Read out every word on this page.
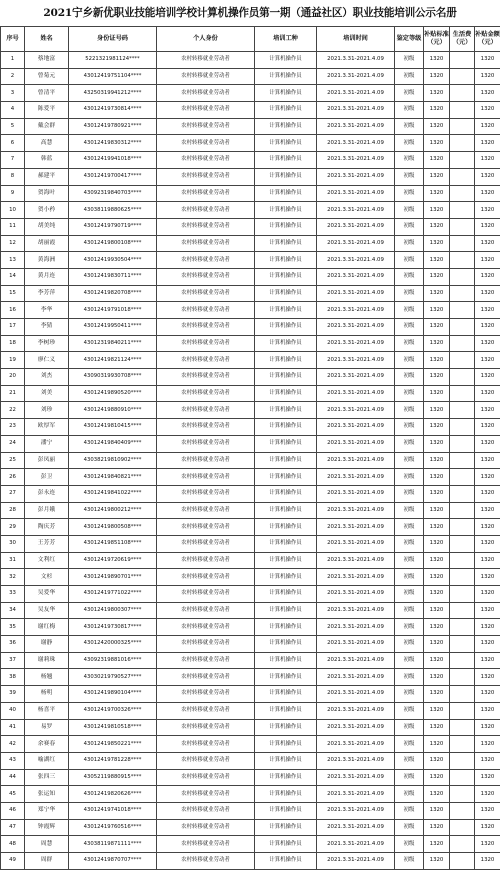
2021宁乡新优职业技能培训学校计算机操作员第一期（通益社区）职业技能培训公示名册
序号	姓名	身份证号码	个人身份	培训工种	培训时间	鉴定等级	补贴标准（元）	生活费（元）	补贴金额（元）
1	蔡地富	5221321981124****	农村转移就业劳动者	计算机操作员	2021.3.31-2021.4.09	初级	1320		1320
2	曾菊元	43012419751104****	农村转移就业劳动者	计算机操作员	2021.3.31-2021.4.09	初级	1320		1320
3	曾清平	43250319941212****	农村转移就业劳动者	计算机操作员	2021.3.31-2021.4.09	初级	1320		1320
4	陈爱平	43012419730814****	农村转移就业劳动者	计算机操作员	2021.3.31-2021.4.09	初级	1320		1320
5	戴会群	43012419780921****	农村转移就业劳动者	计算机操作员	2021.3.31-2021.4.09	初级	1320		1320
6	高慧	43012419830312****	农村转移就业劳动者	计算机操作员	2021.3.31-2021.4.09	初级	1320		1320
7	韩蓝	43012419941018****	农村转移就业劳动者	计算机操作员	2021.3.31-2021.4.09	初级	1320		1320
8	郝建平	43012419700417****	农村转移就业劳动者	计算机操作员	2021.3.31-2021.4.09	初级	1320		1320
9	贺海叶	43092319840703****	农村转移就业劳动者	计算机操作员	2021.3.31-2021.4.09	初级	1320		1320
10	贺小矜	43038119880625****	农村转移就业劳动者	计算机操作员	2021.3.31-2021.4.09	初级	1320		1320
11	胡美纯	43012419790719****	农村转移就业劳动者	计算机操作员	2021.3.31-2021.4.09	初级	1320		1320
12	胡丽霞	43012419800108****	农村转移就业劳动者	计算机操作员	2021.3.31-2021.4.09	初级	1320		1320
13	黄海洲	43012419930504****	农村转移就业劳动者	计算机操作员	2021.3.31-2021.4.09	初级	1320		1320
14	黄月连	43012419830711****	农村转移就业劳动者	计算机操作员	2021.3.31-2021.4.09	初级	1320		1320
15	李芳萍	43012419820708****	农村转移就业劳动者	计算机操作员	2021.3.31-2021.4.09	初级	1320		1320
16	李华	43012419791018****	农村转移就业劳动者	计算机操作员	2021.3.31-2021.4.09	初级	1320		1320
17	李猜	43012419950411****	农村转移就业劳动者	计算机操作员	2021.3.31-2021.4.09	初级	1320		1320
18	李树珍	43012319840211****	农村转移就业劳动者	计算机操作员	2021.3.31-2021.4.09	初级	1320		1320
19	廖仁义	43012419821124****	农村转移就业劳动者	计算机操作员	2021.3.31-2021.4.09	初级	1320		1320
20	刘杰	43090319930708****	农村转移就业劳动者	计算机操作员	2021.3.31-2021.4.09	初级	1320		1320
21	刘美	43012419890520****	农村转移就业劳动者	计算机操作员	2021.3.31-2021.4.09	初级	1320		1320
22	刘珍	43012419880910****	农村转移就业劳动者	计算机操作员	2021.3.31-2021.4.09	初级	1320		1320
23	欧厚军	43012419810415****	农村转移就业劳动者	计算机操作员	2021.3.31-2021.4.09	初级	1320		1320
24	潘宁	43012419840409****	农村转移就业劳动者	计算机操作员	2021.3.31-2021.4.09	初级	1320		1320
25	彭凤丽	43038219810902****	农村转移就业劳动者	计算机操作员	2021.3.31-2021.4.09	初级	1320		1320
26	彭卫	43012419840821****	农村转移就业劳动者	计算机操作员	2021.3.31-2021.4.09	初级	1320		1320
27	彭永连	43012419841022****	农村转移就业劳动者	计算机操作员	2021.3.31-2021.4.09	初级	1320		1320
28	彭月娥	43012419800212****	农村转移就业劳动者	计算机操作员	2021.3.31-2021.4.09	初级	1320		1320
29	陶庆芳	43012419800508****	农村转移就业劳动者	计算机操作员	2021.3.31-2021.4.09	初级	1320		1320
30	王芳芳	43012419851108****	农村转移就业劳动者	计算机操作员	2021.3.31-2021.4.09	初级	1320		1320
31	文利红	43012419720619****	农村转移就业劳动者	计算机操作员	2021.3.31-2021.4.09	初级	1320		1320
32	文杉	43012419890701****	农村转移就业劳动者	计算机操作员	2021.3.31-2021.4.09	初级	1320		1320
33	吴爱华	43012419771022****	农村转移就业劳动者	计算机操作员	2021.3.31-2021.4.09	初级	1320		1320
34	吴友华	43012419800307****	农村转移就业劳动者	计算机操作员	2021.3.31-2021.4.09	初级	1320		1320
35	谢红梅	43012419730817****	农村转移就业劳动者	计算机操作员	2021.3.31-2021.4.09	初级	1320		1320
36	谢静	43012420000325****	农村转移就业劳动者	计算机操作员	2021.3.31-2021.4.09	初级	1320		1320
37	谢莉珠	43092319881016****	农村转移就业劳动者	计算机操作员	2021.3.31-2021.4.09	初级	1320		1320
38	杨翘	43030219790527****	农村转移就业劳动者	计算机操作员	2021.3.31-2021.4.09	初级	1320		1320
39	杨明	43012419890104****	农村转移就业劳动者	计算机操作员	2021.3.31-2021.4.09	初级	1320		1320
40	杨喜平	43012419700326****	农村转移就业劳动者	计算机操作员	2021.3.31-2021.4.09	初级	1320		1320
41	易罗	43012419810518****	农村转移就业劳动者	计算机操作员	2021.3.31-2021.4.09	初级	1320		1320
42	余赛春	43012419850221****	农村转移就业劳动者	计算机操作员	2021.3.31-2021.4.09	初级	1320		1320
43	喻湖红	43012419781228****	农村转移就业劳动者	计算机操作员	2021.3.31-2021.4.09	初级	1320		1320
44	张四三	43052119880915****	农村转移就业劳动者	计算机操作员	2021.3.31-2021.4.09	初级	1320		1320
45	张运知	43012419820626****	农村转移就业劳动者	计算机操作员	2021.3.31-2021.4.09	初级	1320		1320
46	郑宁华	43012419741018****	农村转移就业劳动者	计算机操作员	2021.3.31-2021.4.09	初级	1320		1320
47	钟霞辉	43012419760516****	农村转移就业劳动者	计算机操作员	2021.3.31-2021.4.09	初级	1320		1320
48	周慧	43038119871111****	农村转移就业劳动者	计算机操作员	2021.3.31-2021.4.09	初级	1320		1320
49	周群	43012419870707****	农村转移就业劳动者	计算机操作员	2021.3.31-2021.4.09	初级	1320		1320
